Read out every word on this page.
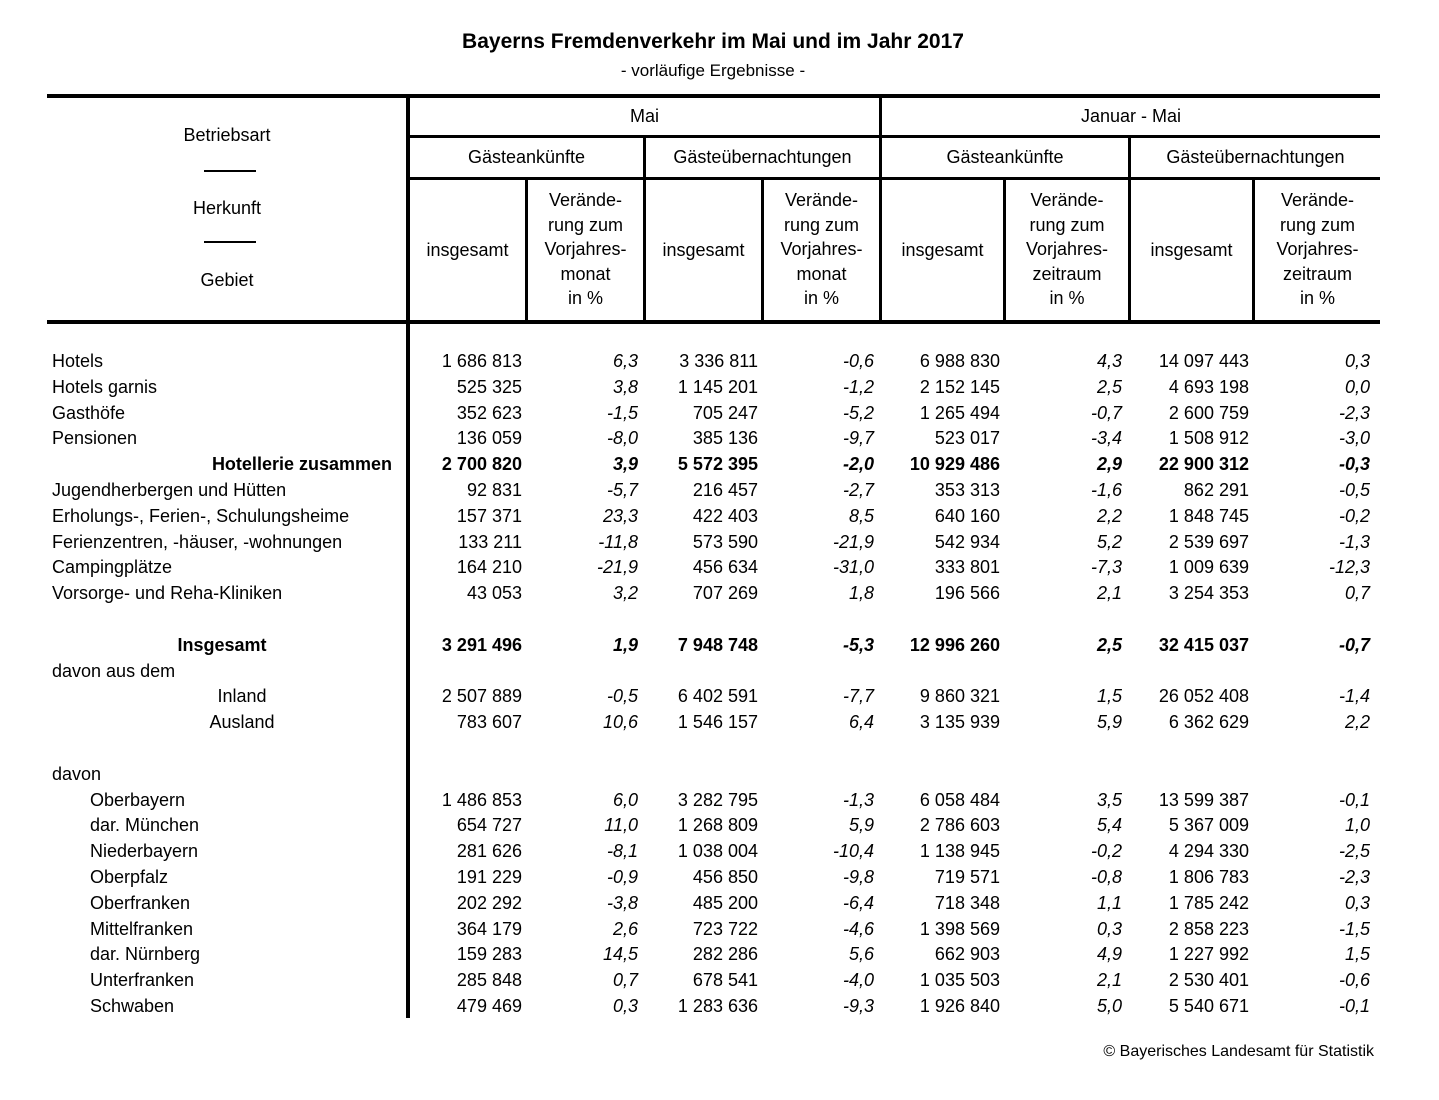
Bayerns Fremdenverkehr im Mai und im Jahr 2017
- vorläufige Ergebnisse -
Betriebsart
Herkunft
Gebiet
Mai	Januar - Mai
Gästeankünfte	Gästeübernachtungen	Gästeankünfte	Gästeübernachtungen
insgesamt
Verände-
rung zum
Vorjahres-
monat
in %
insgesamt
Verände-
rung zum
Vorjahres-
monat
in %
insgesamt
Verände-
rung zum
Vorjahres-
zeitraum
in %
insgesamt
Verände-
rung zum
Vorjahres-
zeitraum
in %
Hotels	1 686 813	6,3	3 336 811	-0,6	6 988 830	4,3	14 097 443	0,3
Hotels garnis	525 325	3,8	1 145 201	-1,2	2 152 145	2,5	4 693 198	0,0
Gasthöfe	352 623	-1,5	705 247	-5,2	1 265 494	-0,7	2 600 759	-2,3
Pensionen	136 059	-8,0	385 136	-9,7	523 017	-3,4	1 508 912	-3,0
Hotellerie zusammen	2 700 820	3,9	5 572 395	-2,0	10 929 486	2,9	22 900 312	-0,3
Jugendherbergen und Hütten	92 831	-5,7	216 457	-2,7	353 313	-1,6	862 291	-0,5
Erholungs-, Ferien-, Schulungsheime	157 371	23,3	422 403	8,5	640 160	2,2	1 848 745	-0,2
Ferienzentren, -häuser, -wohnungen	133 211	-11,8	573 590	-21,9	542 934	5,2	2 539 697	-1,3
Campingplätze	164 210	-21,9	456 634	-31,0	333 801	-7,3	1 009 639	-12,3
Vorsorge- und Reha-Kliniken	43 053	3,2	707 269	1,8	196 566	2,1	3 254 353	0,7
Insgesamt	3 291 496	1,9	7 948 748	-5,3	12 996 260	2,5	32 415 037	-0,7
davon aus dem
Inland	2 507 889	-0,5	6 402 591	-7,7	9 860 321	1,5	26 052 408	-1,4
Ausland	783 607	10,6	1 546 157	6,4	3 135 939	5,9	6 362 629	2,2
davon
Oberbayern	1 486 853	6,0	3 282 795	-1,3	6 058 484	3,5	13 599 387	-0,1
dar. München	654 727	11,0	1 268 809	5,9	2 786 603	5,4	5 367 009	1,0
Niederbayern	281 626	-8,1	1 038 004	-10,4	1 138 945	-0,2	4 294 330	-2,5
Oberpfalz	191 229	-0,9	456 850	-9,8	719 571	-0,8	1 806 783	-2,3
Oberfranken	202 292	-3,8	485 200	-6,4	718 348	1,1	1 785 242	0,3
Mittelfranken	364 179	2,6	723 722	-4,6	1 398 569	0,3	2 858 223	-1,5
dar. Nürnberg	159 283	14,5	282 286	5,6	662 903	4,9	1 227 992	1,5
Unterfranken	285 848	0,7	678 541	-4,0	1 035 503	2,1	2 530 401	-0,6
Schwaben	479 469	0,3	1 283 636	-9,3	1 926 840	5,0	5 540 671	-0,1
© Bayerisches Landesamt für Statistik
